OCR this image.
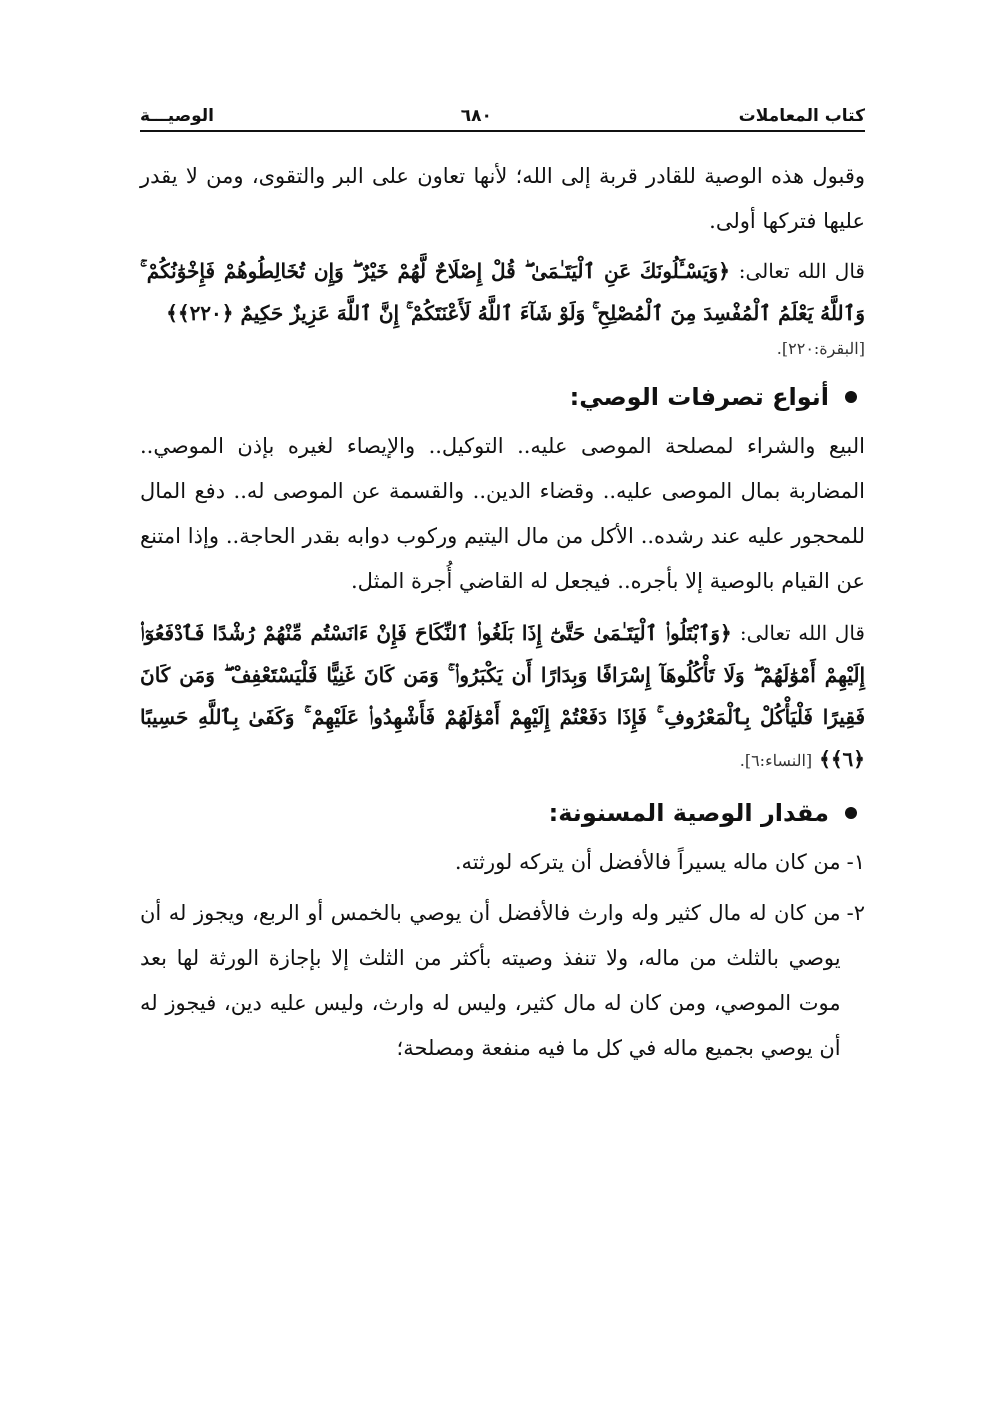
كتاب المعاملات
٦٨٠
الوصيـــة

وقبول هذه الوصية للقادر قربة إلى الله؛ لأنها تعاون على البر والتقوى، ومن لا يقدر عليها فتركها أولى.

قال الله تعالى: ﴿وَيَسْـَٔلُونَكَ عَنِ ٱلْيَتَـٰمَىٰ ۖ قُلْ إِصْلَاحٌ لَّهُمْ خَيْرٌ ۖ وَإِن تُخَالِطُوهُمْ فَإِخْوَٰنُكُمْ ۚ وَٱللَّهُ يَعْلَمُ ٱلْمُفْسِدَ مِنَ ٱلْمُصْلِحِ ۚ وَلَوْ شَآءَ ٱللَّهُ لَأَعْنَتَكُمْ ۚ إِنَّ ٱللَّهَ عَزِيزٌ حَكِيمٌ ﴿٢٢٠﴾﴾

[البقرة:٢٢٠].

أنواع تصرفات الوصي:

البيع والشراء لمصلحة الموصى عليه.. التوكيل.. والإيصاء لغيره بإذن الموصي.. المضاربة بمال الموصى عليه.. وقضاء الدين.. والقسمة عن الموصى له.. دفع المال للمحجور عليه عند رشده.. الأكل من مال اليتيم وركوب دوابه بقدر الحاجة.. وإذا امتنع عن القيام بالوصية إلا بأجره.. فيجعل له القاضي أُجرة المثل.

قال الله تعالى: ﴿وَٱبْتَلُوا۟ ٱلْيَتَـٰمَىٰ حَتَّىٰٓ إِذَا بَلَغُوا۟ ٱلنِّكَاحَ فَإِنْ ءَانَسْتُم مِّنْهُمْ رُشْدًا فَٱدْفَعُوٓا۟ إِلَيْهِمْ أَمْوَٰلَهُمْ ۖ وَلَا تَأْكُلُوهَآ إِسْرَافًا وَبِدَارًا أَن يَكْبَرُوا۟ ۚ وَمَن كَانَ غَنِيًّا فَلْيَسْتَعْفِفْ ۖ وَمَن كَانَ فَقِيرًا فَلْيَأْكُلْ بِٱلْمَعْرُوفِ ۚ فَإِذَا دَفَعْتُمْ إِلَيْهِمْ أَمْوَٰلَهُمْ فَأَشْهِدُوا۟ عَلَيْهِمْ ۚ وَكَفَىٰ بِٱللَّهِ حَسِيبًا ﴿٦﴾﴾ [النساء:٦].

مقدار الوصية المسنونة:
١-

من كان ماله يسيراً فالأفضل أن يتركه لورثته.

٢-

من كان له مال كثير وله وارث فالأفضل أن يوصي بالخمس أو الربع، ويجوز له أن يوصي بالثلث من ماله، ولا تنفذ وصيته بأكثر من الثلث إلا بإجازة الورثة لها بعد موت الموصي، ومن كان له مال كثير، وليس له وارث، وليس عليه دين، فيجوز له أن يوصي بجميع ماله في كل ما فيه منفعة ومصلحة؛
